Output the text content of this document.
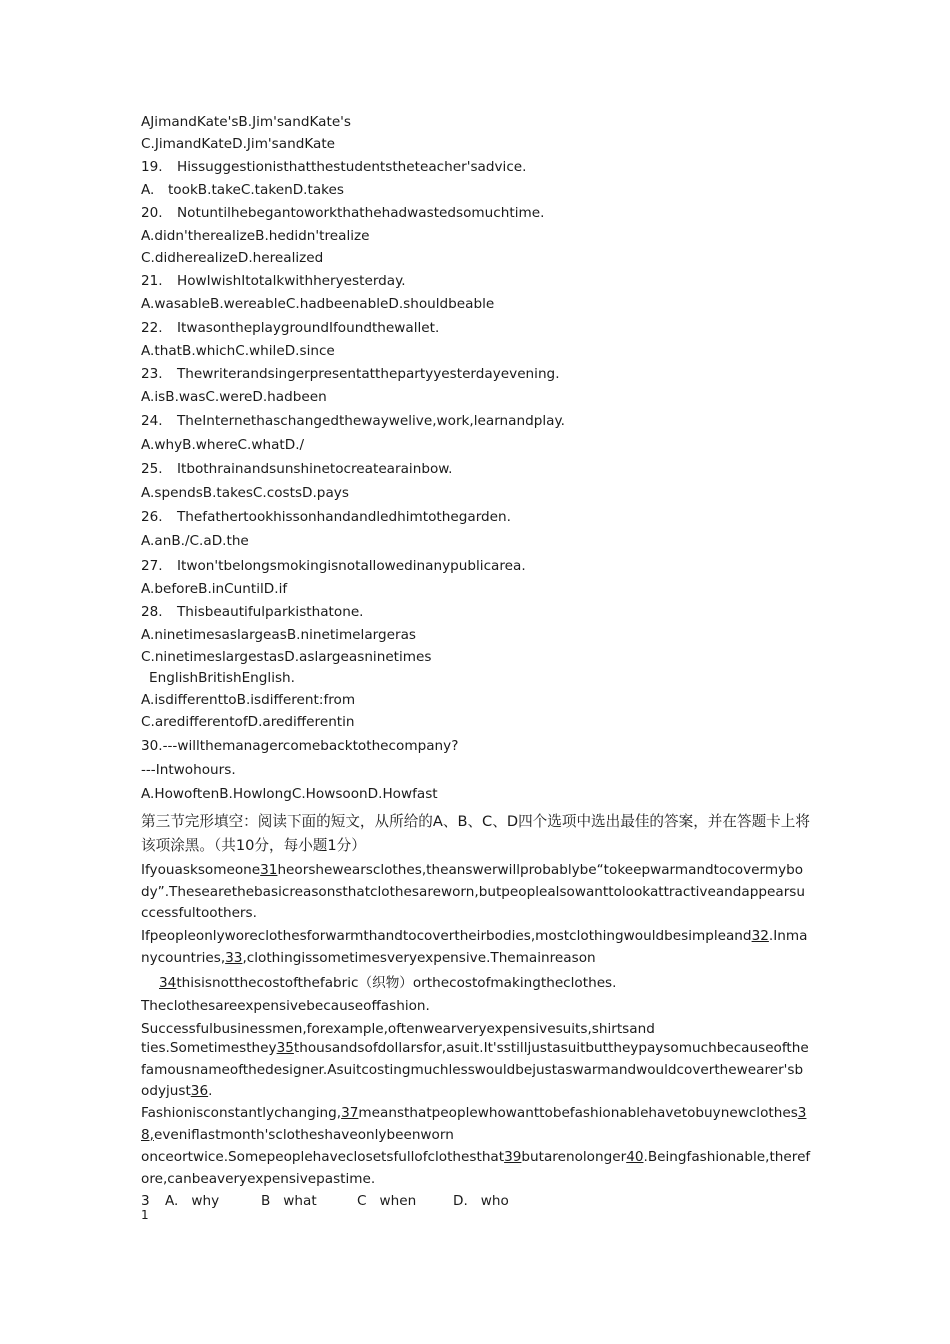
AJimandKate'sB.Jim'sandKate's
C.JimandKateD.Jim'sandKate
19. Hissuggestionisthatthestudentstheteacher'sadvice.
A. tookB.takeC.takenD.takes
20. Notuntilhebegantoworkthathehadwastedsomuchtime.
A.didn'therealizeB.hedidn'trealize
C.didherealizeD.herealized
21. HowIwishItotalkwithheryesterday.
A.wasableB.wereableC.hadbeenableD.shouldbeable
22. ItwasontheplaygroundIfoundthewallet.
A.thatB.whichC.whileD.since
23. Thewriterandsingerpresentatthepartyyesterdayevening.
A.isB.wasC.wereD.hadbeen
24. TheInternethaschangedthewaywelive,work,learnandplay.
A.whyB.whereC.whatD./
25. Itbothrainandsunshinetocreatearainbow.
A.spendsB.takesC.costsD.pays
26. Thefathertookhissonhandandledhimtothegarden.
A.anB./C.aD.the
27. Itwon'tbelongsmokingisnotallowedinanypublicarea.
A.beforeB.inCuntilD.if
28. Thisbeautifulparkisthatone.
A.ninetimesaslargeasB.ninetimelargeras
C.ninetimeslargestasD.aslargeasninetimes
EnglishBritishEnglish.
A.isdifferenttoB.isdifferent:from
C.aredifferentofD.aredifferentin
30.---willthemanagercomebacktothecompany?
---Intwohours.
A.HowoftenB.HowlongC.HowsoonD.Howfast
第三节完形填空：阅读下面的短文，从所给的A、B、C、D四个选项中选出最佳的答案，并在答题卡上将该项涂黑。（共10分，每小题1分）
Ifyouasksomeone31heorshewearsclothes,theanswerwillprobablybe“tokeepwarmandtocovermybody”.Thesearethebasicreasonsthatclothesareworn,butpeoplealsowanttolookattractiveandappearsuccessfultoothers.
Ifpeopleonlyworeclothesforwarmthandtocovertheirbodies,mostclothingwouldbesimpleand32.Inmanycountries,33,clothingissometimesveryexpensive.Themainreason
34thisisnotthecostofthefabric（织物）orthecostofmakingtheclothes.
Theclothesareexpensivebecauseoffashion.
Successfulbusinessmen,forexample,oftenwearveryexpensivesuits,shirtsand
ties.Sometimesthey35thousandsofdollarsfor,asuit.It'sstilljustasuitbuttheypaysomuchbecauseofthefamousnameofthedesigner.Asuitcostingmuchlesswouldbejustaswarmandwouldcoverthewearer'sbodyjust36.
Fashionisconstantlychanging,37meansthatpeoplewhowanttobefashionablehavetobuynewclothes38,eveniflastmonth'sclotheshaveonlybeenworn
onceortwice.Somepeoplehaveclosetsfullofclothesthat39butarenolonger40.Beingfashionable,therefore,canbeaveryexpensivepastime.
3 A. why	B what	C when	D. who
1
